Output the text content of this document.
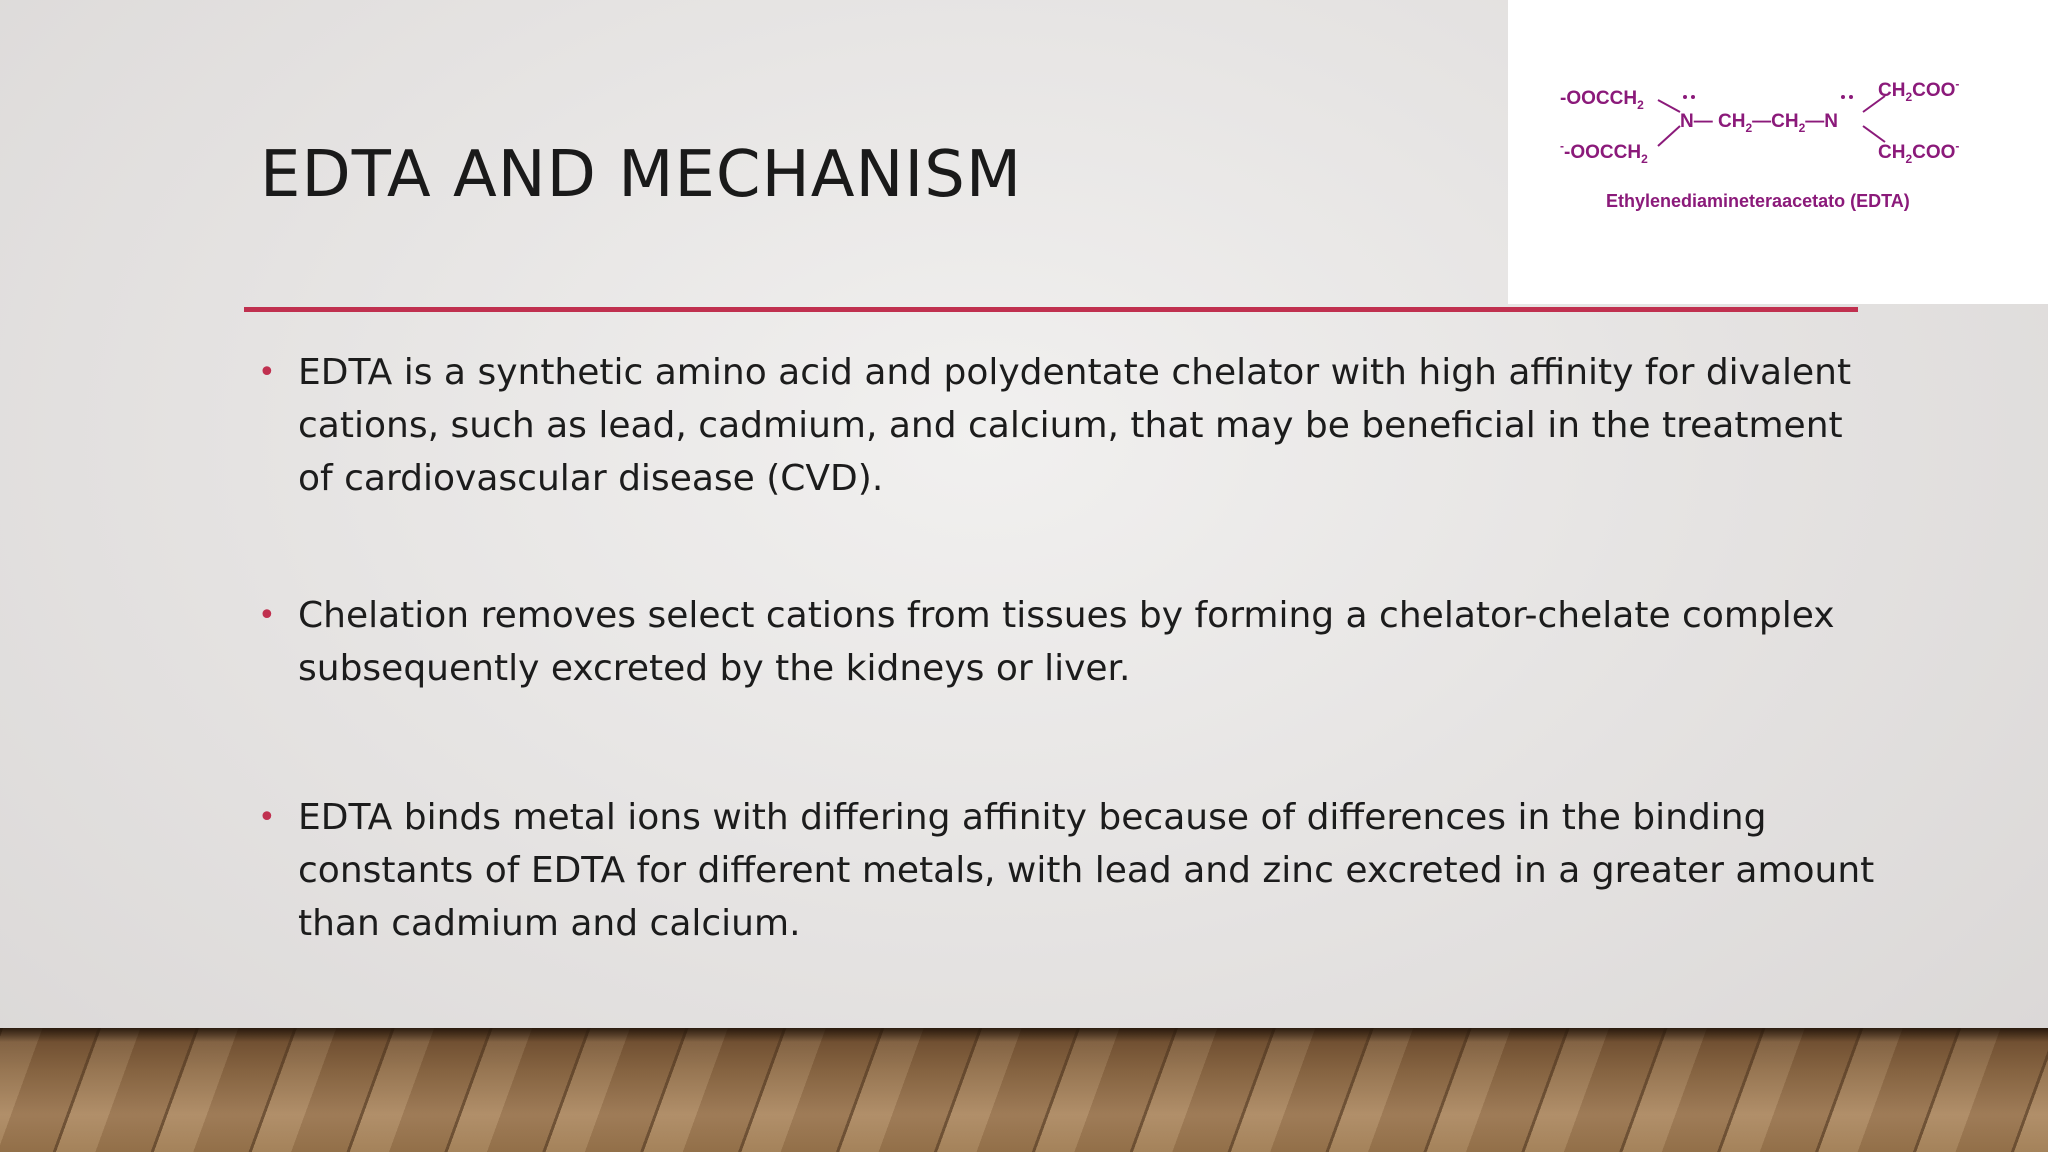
EDTA AND MECHANISM
$-OOCCH_2$
$^--OOCCH_2$
N— $CH_2—CH_2—N$
$CH_2COO^-$
$CH_2COO^-$
Ethylenediamineteraacetato (EDTA)
• EDTA is a synthetic amino acid and polydentate chelator with high affinity for divalent cations, such as lead, cadmium, and calcium, that may be beneficial in the treatment of cardiovascular disease (CVD).
• Chelation removes select cations from tissues by forming a chelator-chelate complex subsequently excreted by the kidneys or liver.
• EDTA binds metal ions with differing affinity because of differences in the binding constants of EDTA for different metals, with lead and zinc excreted in a greater amount than cadmium and calcium.
